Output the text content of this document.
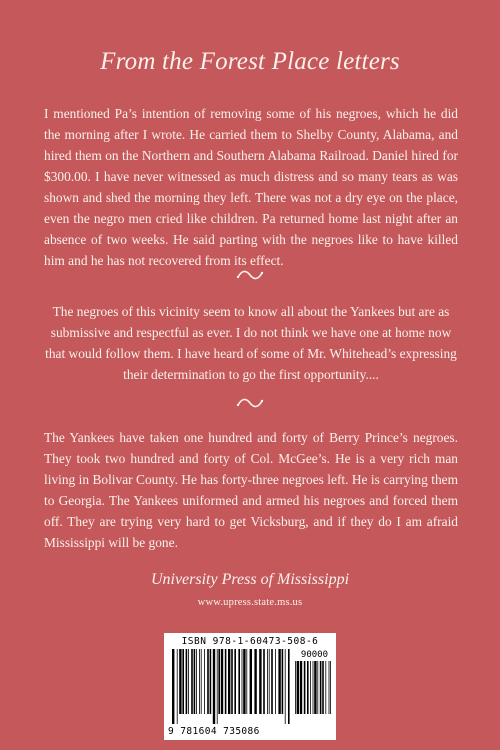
From the Forest Place letters
I mentioned Pa’s intention of removing some of his negroes, which he did the morning after I wrote. He carried them to Shelby County, Alabama, and hired them on the Northern and Southern Alabama Railroad. Daniel hired for $300.00. I have never witnessed as much distress and so many tears as was shown and shed the morning they left. There was not a dry eye on the place, even the negro men cried like children. Pa returned home last night after an absence of two weeks. He said parting with the negroes like to have killed him and he has not recovered from its effect.
The negroes of this vicinity seem to know all about the Yankees but are as submissive and respectful as ever. I do not think we have one at home now that would follow them. I have heard of some of Mr. Whitehead’s expressing their determination to go the first opportunity....
The Yankees have taken one hundred and forty of Berry Prince’s negroes. They took two hundred and forty of Col. McGee’s. He is a very rich man living in Bolivar County. He has forty-three negroes left. He is carrying them to Georgia. The Yankees uniformed and armed his negroes and forced them off. They are trying very hard to get Vicksburg, and if they do I am afraid Mississippi will be gone.
University Press of Mississippi
www.upress.state.ms.us
ISBN 978-1-60473-508-6
90000
9 781604 735086
